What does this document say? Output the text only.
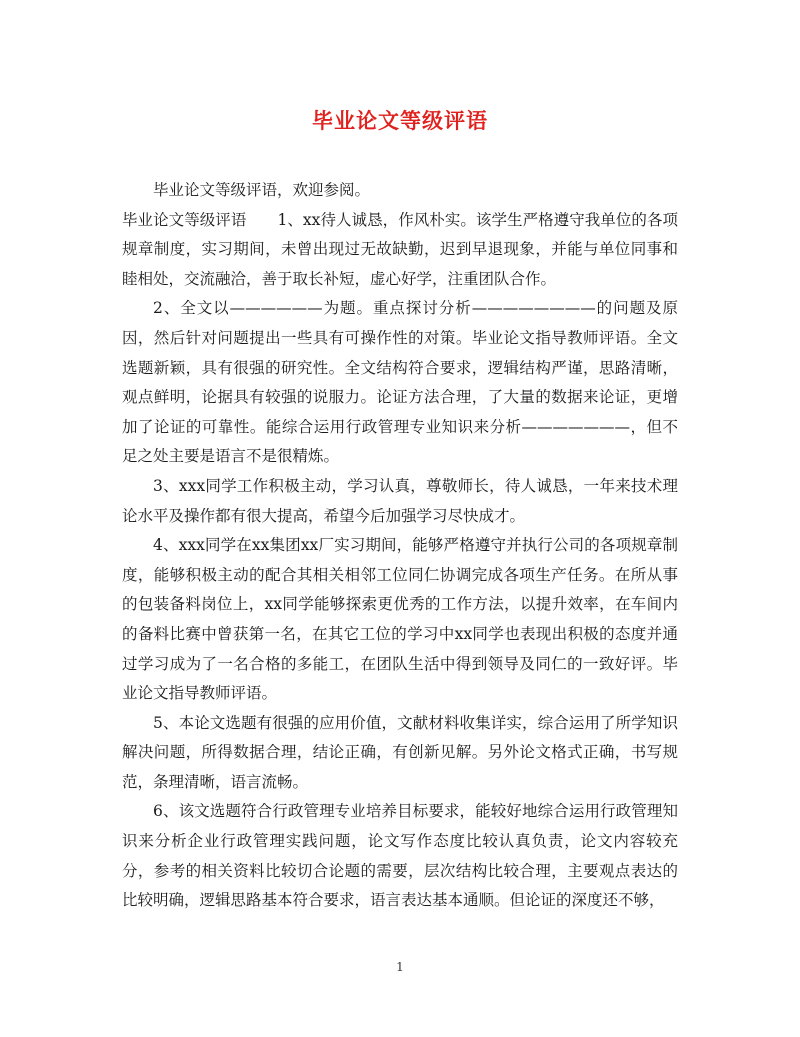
毕业论文等级评语

毕业论文等级评语，欢迎参阅。

毕业论文等级评语　　1、xx待人诚恳，作风朴实。该学生严格遵守我单位的各项规章制度，实习期间，未曾出现过无故缺勤，迟到早退现象，并能与单位同事和睦相处，交流融洽，善于取长补短，虚心好学，注重团队合作。

2、全文以——————为题。重点探讨分析————————的问题及原因，然后针对问题提出一些具有可操作性的对策。毕业论文指导教师评语。全文选题新颖，具有很强的研究性。全文结构符合要求，逻辑结构严谨，思路清晰，观点鲜明，论据具有较强的说服力。论证方法合理，了大量的数据来论证，更增加了论证的可靠性。能综合运用行政管理专业知识来分析———————，但不足之处主要是语言不是很精炼。

3、xxx同学工作积极主动，学习认真，尊敬师长，待人诚恳，一年来技术理论水平及操作都有很大提高，希望今后加强学习尽快成才。

4、xxx同学在xx集团xx厂实习期间，能够严格遵守并执行公司的各项规章制度，能够积极主动的配合其相关相邻工位同仁协调完成各项生产任务。在所从事的包装备料岗位上，xx同学能够探索更优秀的工作方法，以提升效率，在车间内的备料比赛中曾获第一名，在其它工位的学习中xx同学也表现出积极的态度并通过学习成为了一名合格的多能工，在团队生活中得到领导及同仁的一致好评。毕业论文指导教师评语。

5、本论文选题有很强的应用价值，文献材料收集详实，综合运用了所学知识解决问题，所得数据合理，结论正确，有创新见解。另外论文格式正确，书写规范，条理清晰，语言流畅。

6、该文选题符合行政管理专业培养目标要求，能较好地综合运用行政管理知识来分析企业行政管理实践问题，论文写作态度比较认真负责，论文内容较充分，参考的相关资料比较切合论题的需要，层次结构比较合理，主要观点表达的比较明确，逻辑思路基本符合要求，语言表达基本通顺。但论证的深度还不够，

1
